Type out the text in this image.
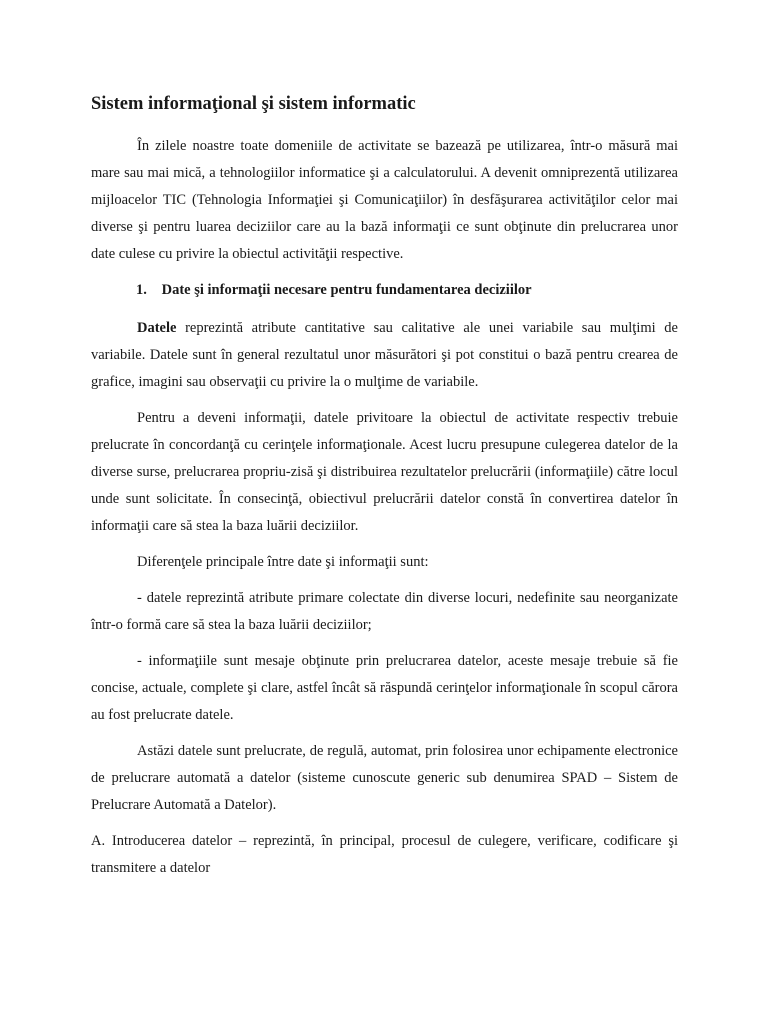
Sistem informaţional şi sistem informatic

În zilele noastre toate domeniile de activitate se bazează pe utilizarea, într-o măsură mai mare sau mai mică, a tehnologiilor informatice şi a calculatorului. A devenit omniprezentă utilizarea mijloacelor TIC (Tehnologia Informaţiei şi Comunicaţiilor) în desfăşurarea activităţilor celor mai diverse şi pentru luarea deciziilor care au la bază informaţii ce sunt obţinute din prelucrarea unor date culese cu privire la obiectul activităţii respective.

1. Date şi informaţii necesare pentru fundamentarea deciziilor

Datele reprezintă atribute cantitative sau calitative ale unei variabile sau mulţimi de variabile. Datele sunt în general rezultatul unor măsurători şi pot constitui o bază pentru crearea de grafice, imagini sau observaţii cu privire la o mulţime de variabile.

Pentru a deveni informaţii, datele privitoare la obiectul de activitate respectiv trebuie prelucrate în concordanţă cu cerinţele informaţionale. Acest lucru presupune culegerea datelor de la diverse surse, prelucrarea propriu-zisă şi distribuirea rezultatelor prelucrării (informaţiile) către locul unde sunt solicitate. În consecinţă, obiectivul prelucrării datelor constă în convertirea datelor în informaţii care să stea la baza luării deciziilor.

Diferenţele principale între date şi informaţii sunt:

- datele reprezintă atribute primare colectate din diverse locuri, nedefinite sau neorganizate într-o formă care să stea la baza luării deciziilor;

- informaţiile sunt mesaje obţinute prin prelucrarea datelor, aceste mesaje trebuie să fie concise, actuale, complete şi clare, astfel încât să răspundă cerinţelor informaţionale în scopul cărora au fost prelucrate datele.

Astăzi datele sunt prelucrate, de regulă, automat, prin folosirea unor echipamente electronice de prelucrare automată a datelor (sisteme cunoscute generic sub denumirea SPAD – Sistem de Prelucrare Automată a Datelor).

A. Introducerea datelor – reprezintă, în principal, procesul de culegere, verificare, codificare şi transmitere a datelor
